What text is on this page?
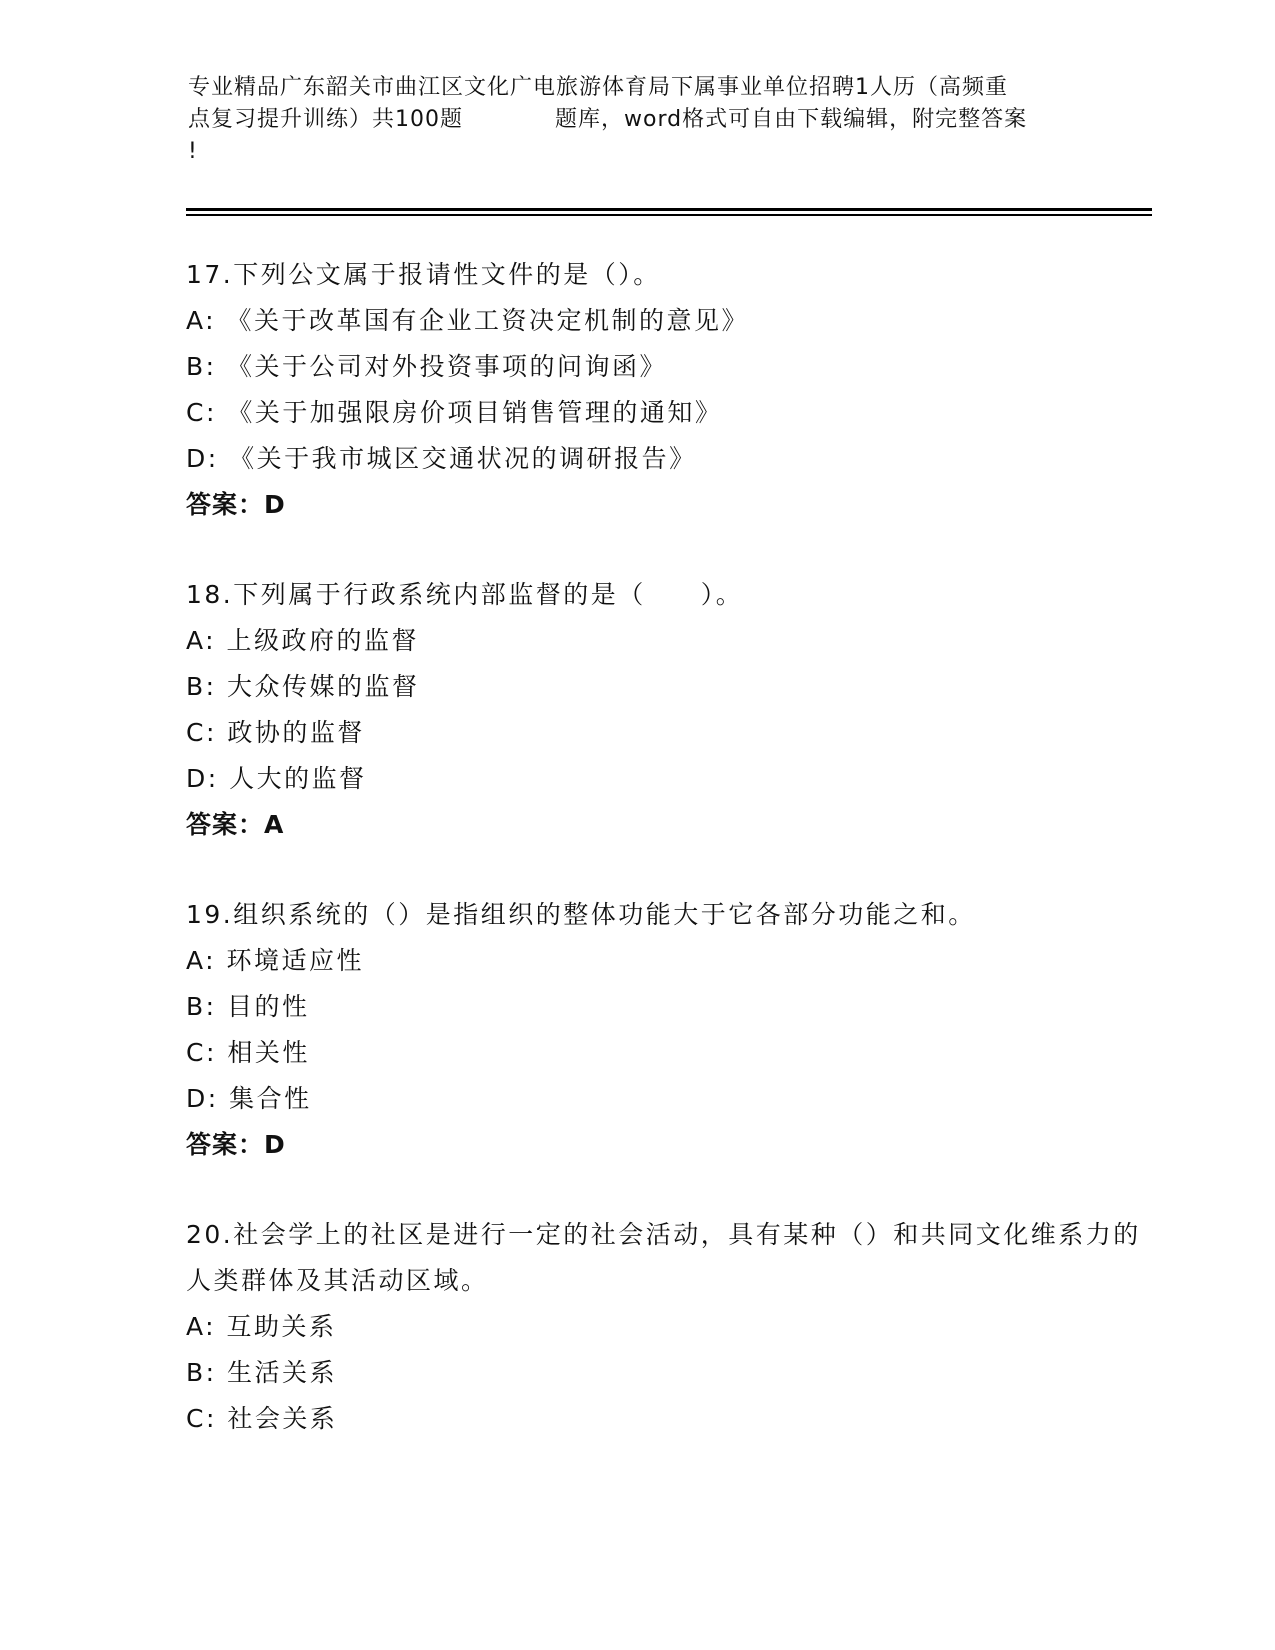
专业精品广东韶关市曲江区文化广电旅游体育局下属事业单位招聘1人历（高频重
点复习提升训练）共100题　　　　题库，word格式可自由下载编辑，附完整答案
!
17.下列公文属于报请性文件的是（）。
A: 《关于改革国有企业工资决定机制的意见》
B: 《关于公司对外投资事项的问询函》
C: 《关于加强限房价项目销售管理的通知》
D: 《关于我市城区交通状况的调研报告》
答案：D
18.下列属于行政系统内部监督的是（　　）。
A: 上级政府的监督
B: 大众传媒的监督
C: 政协的监督
D: 人大的监督
答案：A
19.组织系统的（）是指组织的整体功能大于它各部分功能之和。
A: 环境适应性
B: 目的性
C: 相关性
D: 集合性
答案：D
20.社会学上的社区是进行一定的社会活动，具有某种（）和共同文化维系力的人类群体及其活动区域。
A: 互助关系
B: 生活关系
C: 社会关系
